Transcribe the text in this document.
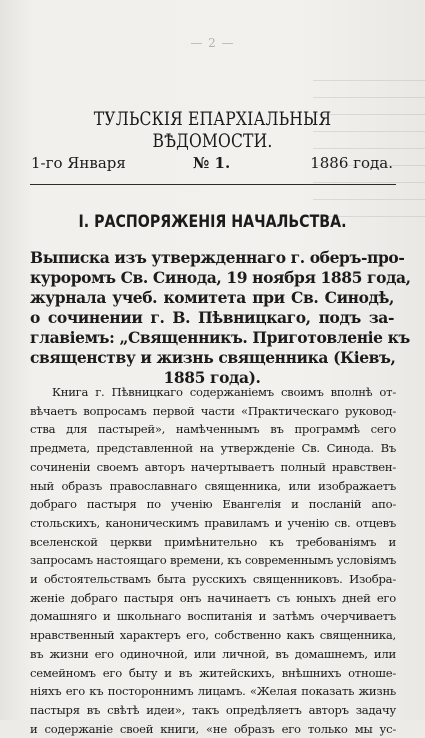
— 2 —
ТУЛЬСКІЯ ЕПАРХІАЛЬНЫЯ ВѢДОМОСТИ.
1-го Января	№ 1.	1886 года.
I. РАСПОРЯЖЕНІЯ НАЧАЛЬСТВА.
Выписка изъ утвержденнаго г. оберъ-про-
куроромъ Св. Синода, 19 ноября 1885 года,
журнала учеб. комитета при Св. Синодѣ,
о сочинении г. В. Пѣвницкаго, подъ за-
главіемъ: „Священникъ. Приготовленіе къ
священству и жизнь священника (Кіевъ,
1885 года).
Книга г. Пѣвницкаго содержаніемъ своимъ вполнѣ от-
вѣчаетъ вопросамъ первой части «Практическаго руковод-
ства для пастырей», намѣченнымъ въ программѣ сего
предмета, представленной на утвержденіе Св. Синода. Въ
сочиненіи своемъ авторъ начертываетъ полный нравствен-
ный образъ православнаго священника, или изображаетъ
добраго пастыря по ученію Евангелія и посланій апо-
стольскихъ, каноническимъ правиламъ и ученію св. отцевъ
вселенской церкви примѣнительно къ требованіямъ и
запросамъ настоящаго времени, къ современнымъ условіямъ
и обстоятельствамъ быта русскихъ священниковъ. Изобра-
женіе добраго пастыря онъ начинаетъ съ юныхъ дней его
домашняго и школьнаго воспитанія и затѣмъ очерчиваетъ
нравственный характеръ его, собственно какъ священника,
въ жизни его одиночной, или личной, въ домашнемъ, или
семейномъ его быту и въ житейскихъ, внѣшнихъ отноше-
ніяхъ его къ постороннимъ лицамъ. «Желая показать жизнь
пастыря въ свѣтѣ идеи», такъ опредѣляетъ авторъ задачу
и содержаніе своей книги, «не образъ его только мы ус-
